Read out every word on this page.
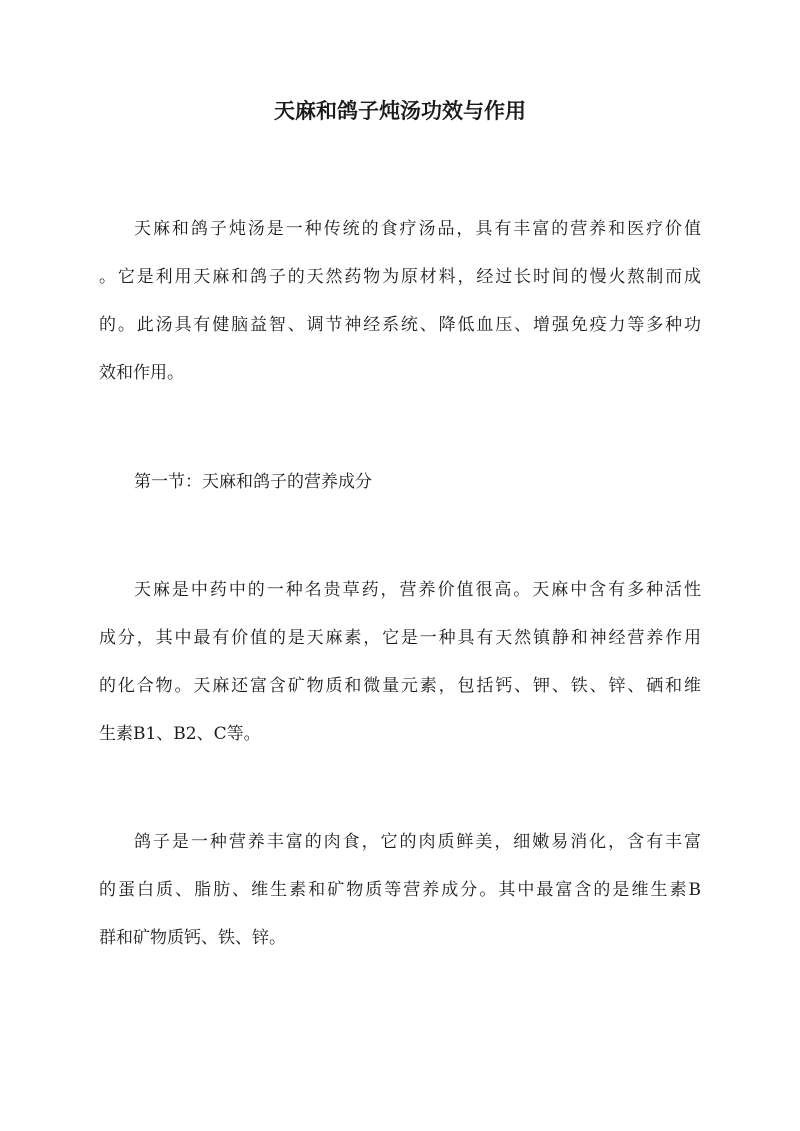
天麻和鸽子炖汤功效与作用

天麻和鸽子炖汤是一种传统的食疗汤品，具有丰富的营养和医疗价值
。它是利用天麻和鸽子的天然药物为原材料，经过长时间的慢火熬制而成
的。此汤具有健脑益智、调节神经系统、降低血压、增强免疫力等多种功
效和作用。

第一节：天麻和鸽子的营养成分

天麻是中药中的一种名贵草药，营养价值很高。天麻中含有多种活性
成分，其中最有价值的是天麻素，它是一种具有天然镇静和神经营养作用
的化合物。天麻还富含矿物质和微量元素，包括钙、钾、铁、锌、硒和维
生素B1、B2、C等。

鸽子是一种营养丰富的肉食，它的肉质鲜美，细嫩易消化，含有丰富
的蛋白质、脂肪、维生素和矿物质等营养成分。其中最富含的是维生素B
群和矿物质钙、铁、锌。
